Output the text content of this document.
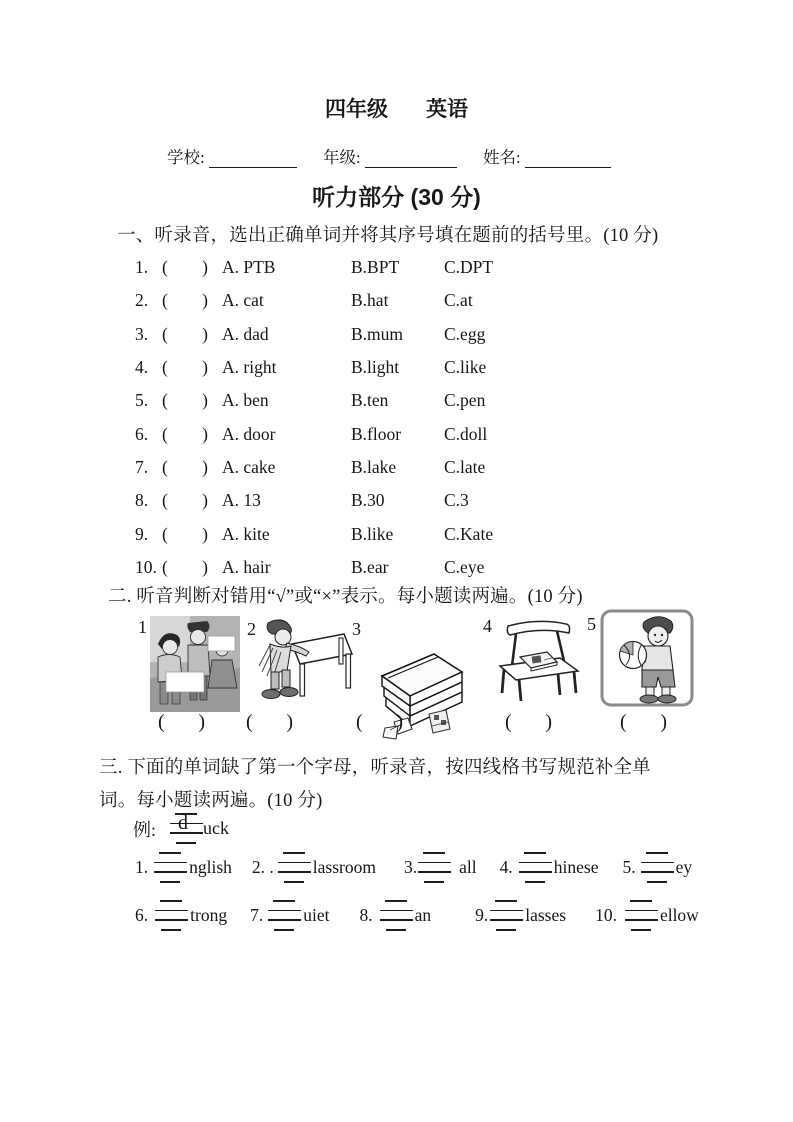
四年级 英语
学校:	年级:	姓名:
听力部分 (30 分)
一、听录音，选出正确单词并将其序号填在题前的括号里。(10 分)
1. ( ) A. PTB	B.BPT	C.DPT
2. ( ) A. cat	B.hat	C.at
3. ( ) A. dad	B.mum	C.egg
4. ( ) A. right	B.light	C.like
5. ( ) A. ben	B.ten	C.pen
6. ( ) A. door	B.floor	C.doll
7. ( ) A. cake	B.lake	C.late
8. ( ) A. 13	B.30	C.3
9. ( ) A. kite	B.like	C.Kate
10. ( ) A. hair	B.ear	C.eye
二. 听音判断对错用“√”或“×”表示。每小题读两遍。(10 分)
1	2	3	4	5
( ) ( )	( )	( )	( )
三. 下面的单词缺了第一个字母，听录音，按四线格书写规范补全单
词。每小题读两遍。(10 分)
例: d uck
1. nglish 2. . lassroom 3. all 4. hinese 5. ey
6. trong 7. uiet 8. an	9. lasses 10. ellow
